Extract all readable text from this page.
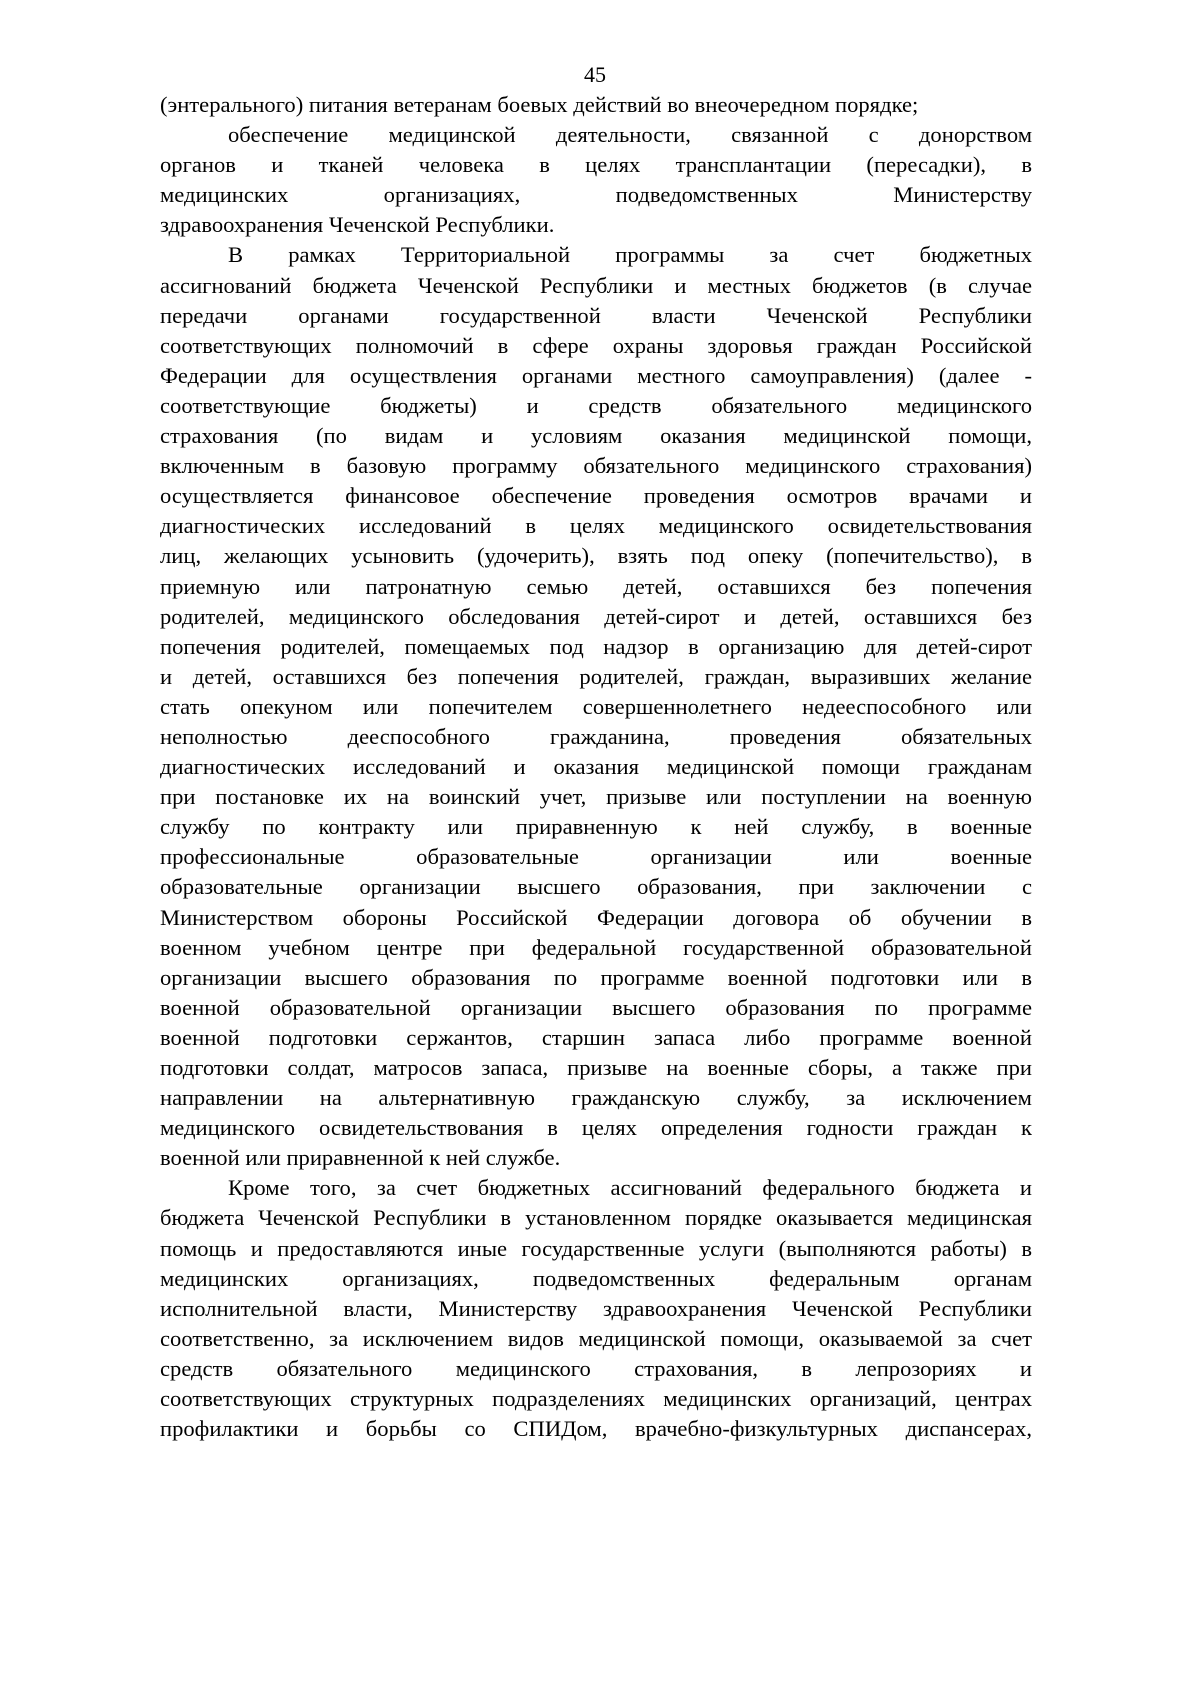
45
(энтерального) питания ветеранам боевых действий во внеочередном порядке;
обеспечение медицинской деятельности, связанной с донорством
органов и тканей человека в целях трансплантации (пересадки), в
медицинских организациях, подведомственных Министерству
здравоохранения Чеченской Республики.
В рамках Территориальной программы за счет бюджетных
ассигнований бюджета Чеченской Республики и местных бюджетов (в случае
передачи органами государственной власти Чеченской Республики
соответствующих полномочий в сфере охраны здоровья граждан Российской
Федерации для осуществления органами местного самоуправления) (далее -
соответствующие бюджеты) и средств обязательного медицинского
страхования (по видам и условиям оказания медицинской помощи,
включенным в базовую программу обязательного медицинского страхования)
осуществляется финансовое обеспечение проведения осмотров врачами и
диагностических исследований в целях медицинского освидетельствования
лиц, желающих усыновить (удочерить), взять под опеку (попечительство), в
приемную или патронатную семью детей, оставшихся без попечения
родителей, медицинского обследования детей-сирот и детей, оставшихся без
попечения родителей, помещаемых под надзор в организацию для детей-сирот
и детей, оставшихся без попечения родителей, граждан, выразивших желание
стать опекуном или попечителем совершеннолетнего недееспособного или
неполностью дееспособного гражданина, проведения обязательных
диагностических исследований и оказания медицинской помощи гражданам
при постановке их на воинский учет, призыве или поступлении на военную
службу по контракту или приравненную к ней службу, в военные
профессиональные образовательные организации или военные
образовательные организации высшего образования, при заключении с
Министерством обороны Российской Федерации договора об обучении в
военном учебном центре при федеральной государственной образовательной
организации высшего образования по программе военной подготовки или в
военной образовательной организации высшего образования по программе
военной подготовки сержантов, старшин запаса либо программе военной
подготовки солдат, матросов запаса, призыве на военные сборы, а также при
направлении на альтернативную гражданскую службу, за исключением
медицинского освидетельствования в целях определения годности граждан к
военной или приравненной к ней службе.
Кроме того, за счет бюджетных ассигнований федерального бюджета и
бюджета Чеченской Республики в установленном порядке оказывается медицинская
помощь и предоставляются иные государственные услуги (выполняются работы) в
медицинских организациях, подведомственных федеральным органам
исполнительной власти, Министерству здравоохранения Чеченской Республики
соответственно, за исключением видов медицинской помощи, оказываемой за счет
средств обязательного медицинского страхования, в лепрозориях и
соответствующих структурных подразделениях медицинских организаций, центрах
профилактики и борьбы со СПИДом, врачебно-физкультурных диспансерах,
